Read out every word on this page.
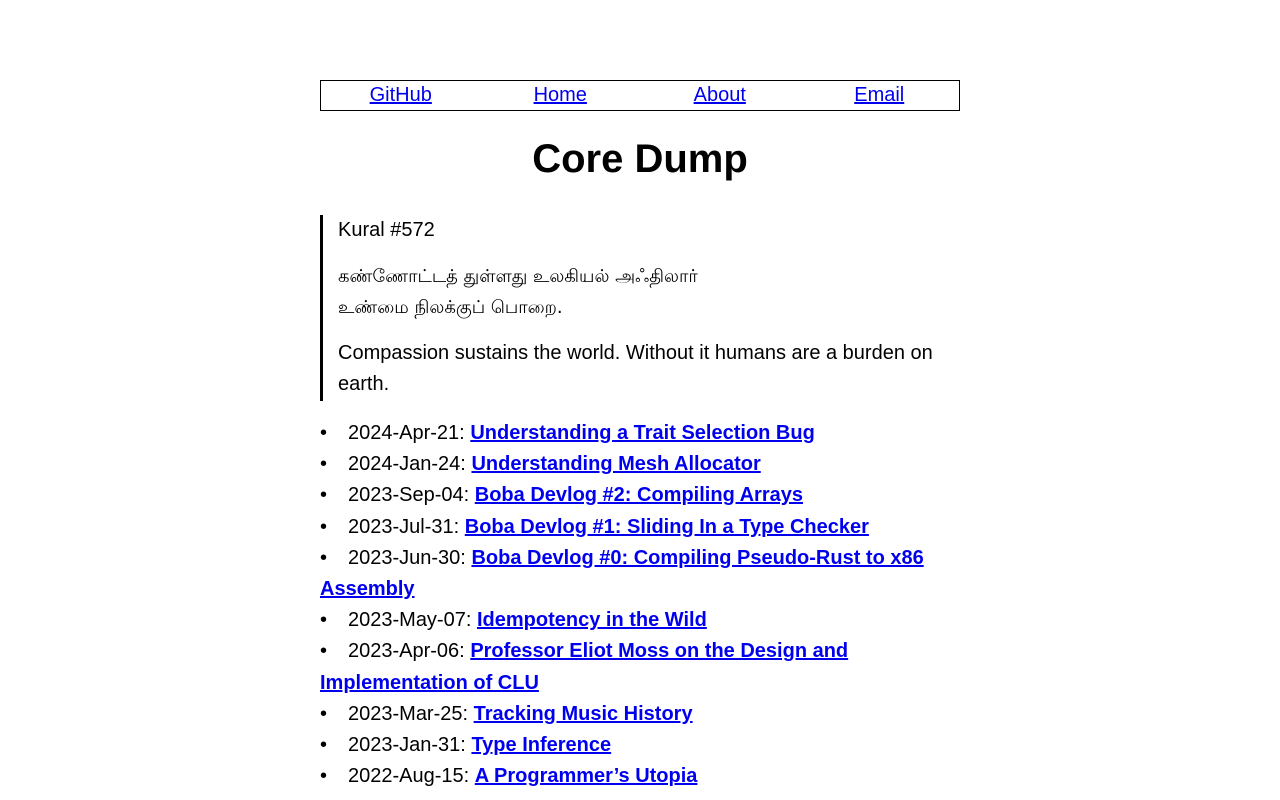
GitHub	Home	About	Email
Core Dump

Kural #572

கண்ணோட்டத் துள்ளது உலகியல் அஃதிலார்
உண்மை நிலக்குப் பொறை.

Compassion sustains the world. Without it humans are a burden on earth.

• 2024-Apr-21: Understanding a Trait Selection Bug
• 2024-Jan-24: Understanding Mesh Allocator
• 2023-Sep-04: Boba Devlog #2: Compiling Arrays
• 2023-Jul-31: Boba Devlog #1: Sliding In a Type Checker
• 2023-Jun-30: Boba Devlog #0: Compiling Pseudo-Rust to x86 Assembly
• 2023-May-07: Idempotency in the Wild
• 2023-Apr-06: Professor Eliot Moss on the Design and Implementation of CLU
• 2023-Mar-25: Tracking Music History
• 2023-Jan-31: Type Inference
• 2022-Aug-15: A Programmer’s Utopia
